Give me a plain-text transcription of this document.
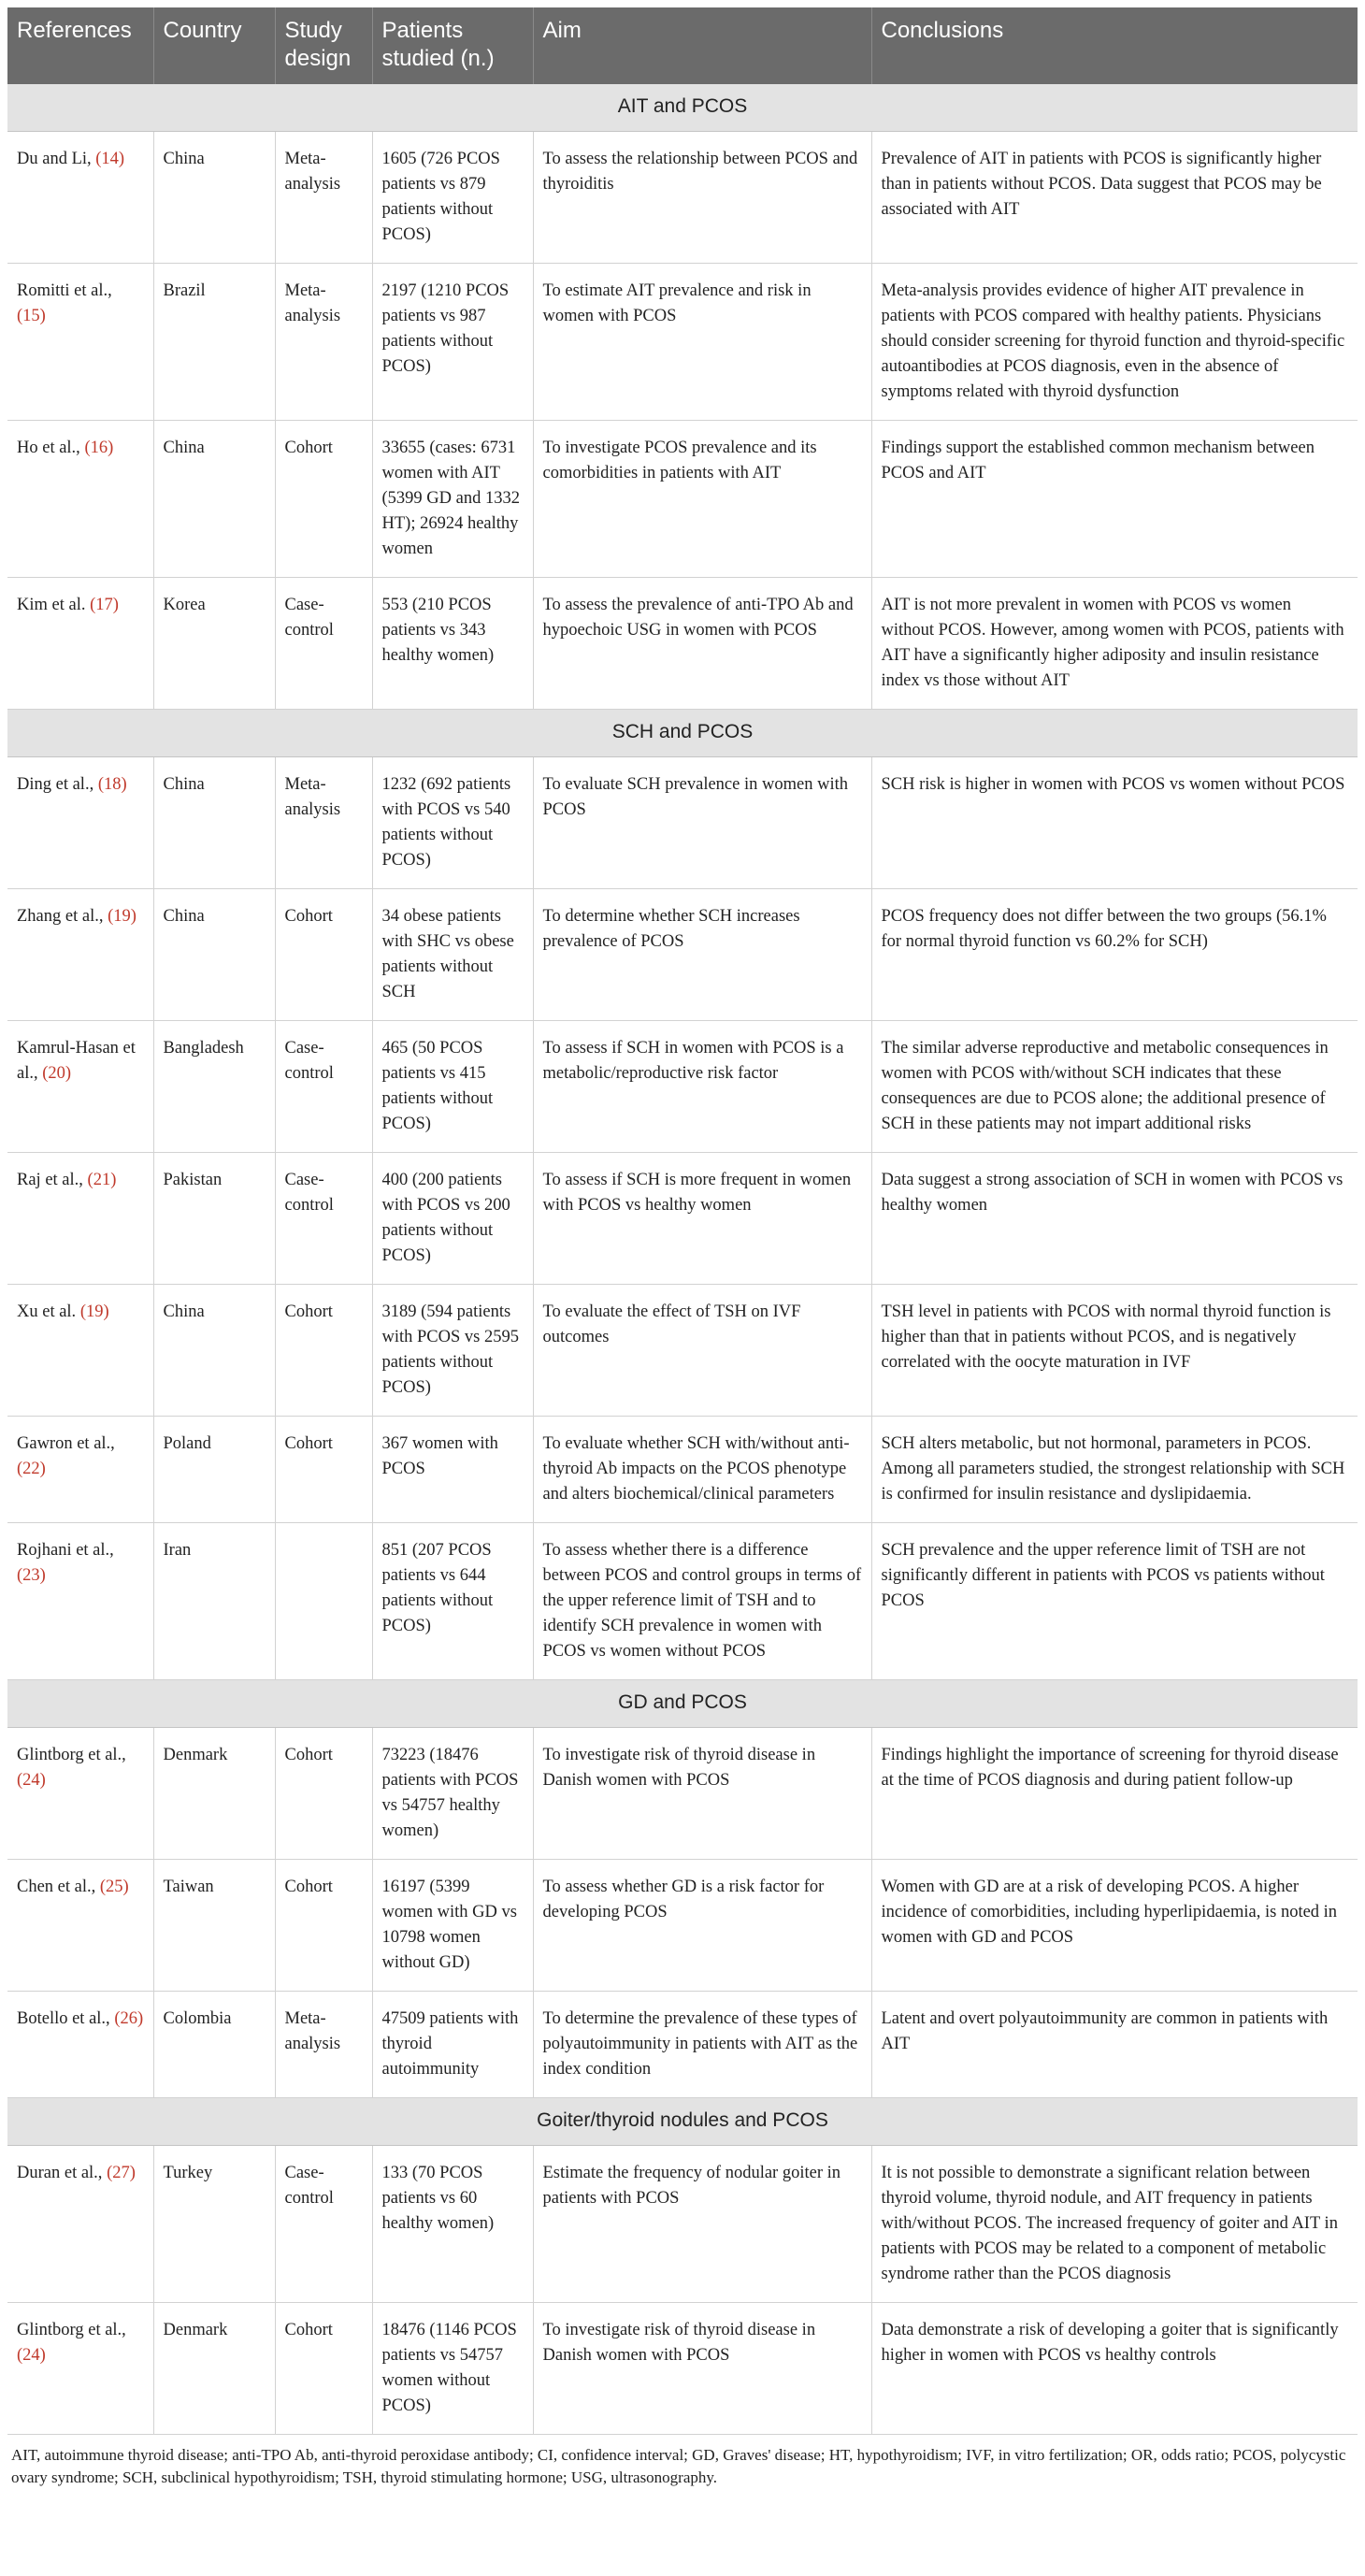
References	Country	Study design	Patients studied (n.)	Aim	Conclusions
AIT and PCOS					
Du and Li, (14)	China	Meta-analysis	1605 (726 PCOS patients vs 879 patients without PCOS)	To assess the relationship between PCOS and thyroiditis	Prevalence of AIT in patients with PCOS is significantly higher than in patients without PCOS. Data suggest that PCOS may be associated with AIT
Romitti et al., (15)	Brazil	Meta-analysis	2197 (1210 PCOS patients vs 987 patients without PCOS)	To estimate AIT prevalence and risk in women with PCOS	Meta-analysis provides evidence of higher AIT prevalence in patients with PCOS compared with healthy patients. Physicians should consider screening for thyroid function and thyroid-specific autoantibodies at PCOS diagnosis, even in the absence of symptoms related with thyroid dysfunction
Ho et al., (16)	China	Cohort	33655 (cases: 6731 women with AIT (5399 GD and 1332 HT); 26924 healthy women	To investigate PCOS prevalence and its comorbidities in patients with AIT	Findings support the established common mechanism between PCOS and AIT
Kim et al. (17)	Korea	Case-control	553 (210 PCOS patients vs 343 healthy women)	To assess the prevalence of anti-TPO Ab and hypoechoic USG in women with PCOS	AIT is not more prevalent in women with PCOS vs women without PCOS. However, among women with PCOS, patients with AIT have a significantly higher adiposity and insulin resistance index vs those without AIT
SCH and PCOS					
Ding et al., (18)	China	Meta-analysis	1232 (692 patients with PCOS vs 540 patients without PCOS)	To evaluate SCH prevalence in women with PCOS	SCH risk is higher in women with PCOS vs women without PCOS
Zhang et al., (19)	China	Cohort	34 obese patients with SHC vs obese patients without SCH	To determine whether SCH increases prevalence of PCOS	PCOS frequency does not differ between the two groups (56.1% for normal thyroid function vs 60.2% for SCH)
Kamrul-Hasan et al., (20)	Bangladesh	Case-control	465 (50 PCOS patients vs 415 patients without PCOS)	To assess if SCH in women with PCOS is a metabolic/reproductive risk factor	The similar adverse reproductive and metabolic consequences in women with PCOS with/without SCH indicates that these consequences are due to PCOS alone; the additional presence of SCH in these patients may not impart additional risks
Raj et al., (21)	Pakistan	Case-control	400 (200 patients with PCOS vs 200 patients without PCOS)	To assess if SCH is more frequent in women with PCOS vs healthy women	Data suggest a strong association of SCH in women with PCOS vs healthy women
Xu et al. (19)	China	Cohort	3189 (594 patients with PCOS vs 2595 patients without PCOS)	To evaluate the effect of TSH on IVF outcomes	TSH level in patients with PCOS with normal thyroid function is higher than that in patients without PCOS, and is negatively correlated with the oocyte maturation in IVF
Gawron et al., (22)	Poland	Cohort	367 women with PCOS	To evaluate whether SCH with/without anti-thyroid Ab impacts on the PCOS phenotype and alters biochemical/clinical parameters	SCH alters metabolic, but not hormonal, parameters in PCOS. Among all parameters studied, the strongest relationship with SCH is confirmed for insulin resistance and dyslipidaemia.
Rojhani et al., (23)	Iran		851 (207 PCOS patients vs 644 patients without PCOS)	To assess whether there is a difference between PCOS and control groups in terms of the upper reference limit of TSH and to identify SCH prevalence in women with PCOS vs women without PCOS	SCH prevalence and the upper reference limit of TSH are not significantly different in patients with PCOS vs patients without PCOS
GD and PCOS					
Glintborg et al., (24)	Denmark	Cohort	73223 (18476 patients with PCOS vs 54757 healthy women)	To investigate risk of thyroid disease in Danish women with PCOS	Findings highlight the importance of screening for thyroid disease at the time of PCOS diagnosis and during patient follow-up
Chen et al., (25)	Taiwan	Cohort	16197 (5399 women with GD vs 10798 women without GD)	To assess whether GD is a risk factor for developing PCOS	Women with GD are at a risk of developing PCOS. A higher incidence of comorbidities, including hyperlipidaemia, is noted in women with GD and PCOS
Botello et al., (26)	Colombia	Meta-analysis	47509 patients with thyroid autoimmunity	To determine the prevalence of these types of polyautoimmunity in patients with AIT as the index condition	Latent and overt polyautoimmunity are common in patients with AIT
Goiter/thyroid nodules and PCOS					
Duran et al., (27)	Turkey	Case-control	133 (70 PCOS patients vs 60 healthy women)	Estimate the frequency of nodular goiter in patients with PCOS	It is not possible to demonstrate a significant relation between thyroid volume, thyroid nodule, and AIT frequency in patients with/without PCOS. The increased frequency of goiter and AIT in patients with PCOS may be related to a component of metabolic syndrome rather than the PCOS diagnosis
Glintborg et al., (24)	Denmark	Cohort	18476 (1146 PCOS patients vs 54757 women without PCOS)	To investigate risk of thyroid disease in Danish women with PCOS	Data demonstrate a risk of developing a goiter that is significantly higher in women with PCOS vs healthy controls

AIT, autoimmune thyroid disease; anti-TPO Ab, anti-thyroid peroxidase antibody; CI, confidence interval; GD, Graves' disease; HT, hypothyroidism; IVF, in vitro fertilization; OR, odds ratio; PCOS, polycystic ovary syndrome; SCH, subclinical hypothyroidism; TSH, thyroid stimulating hormone; USG, ultrasonography.
